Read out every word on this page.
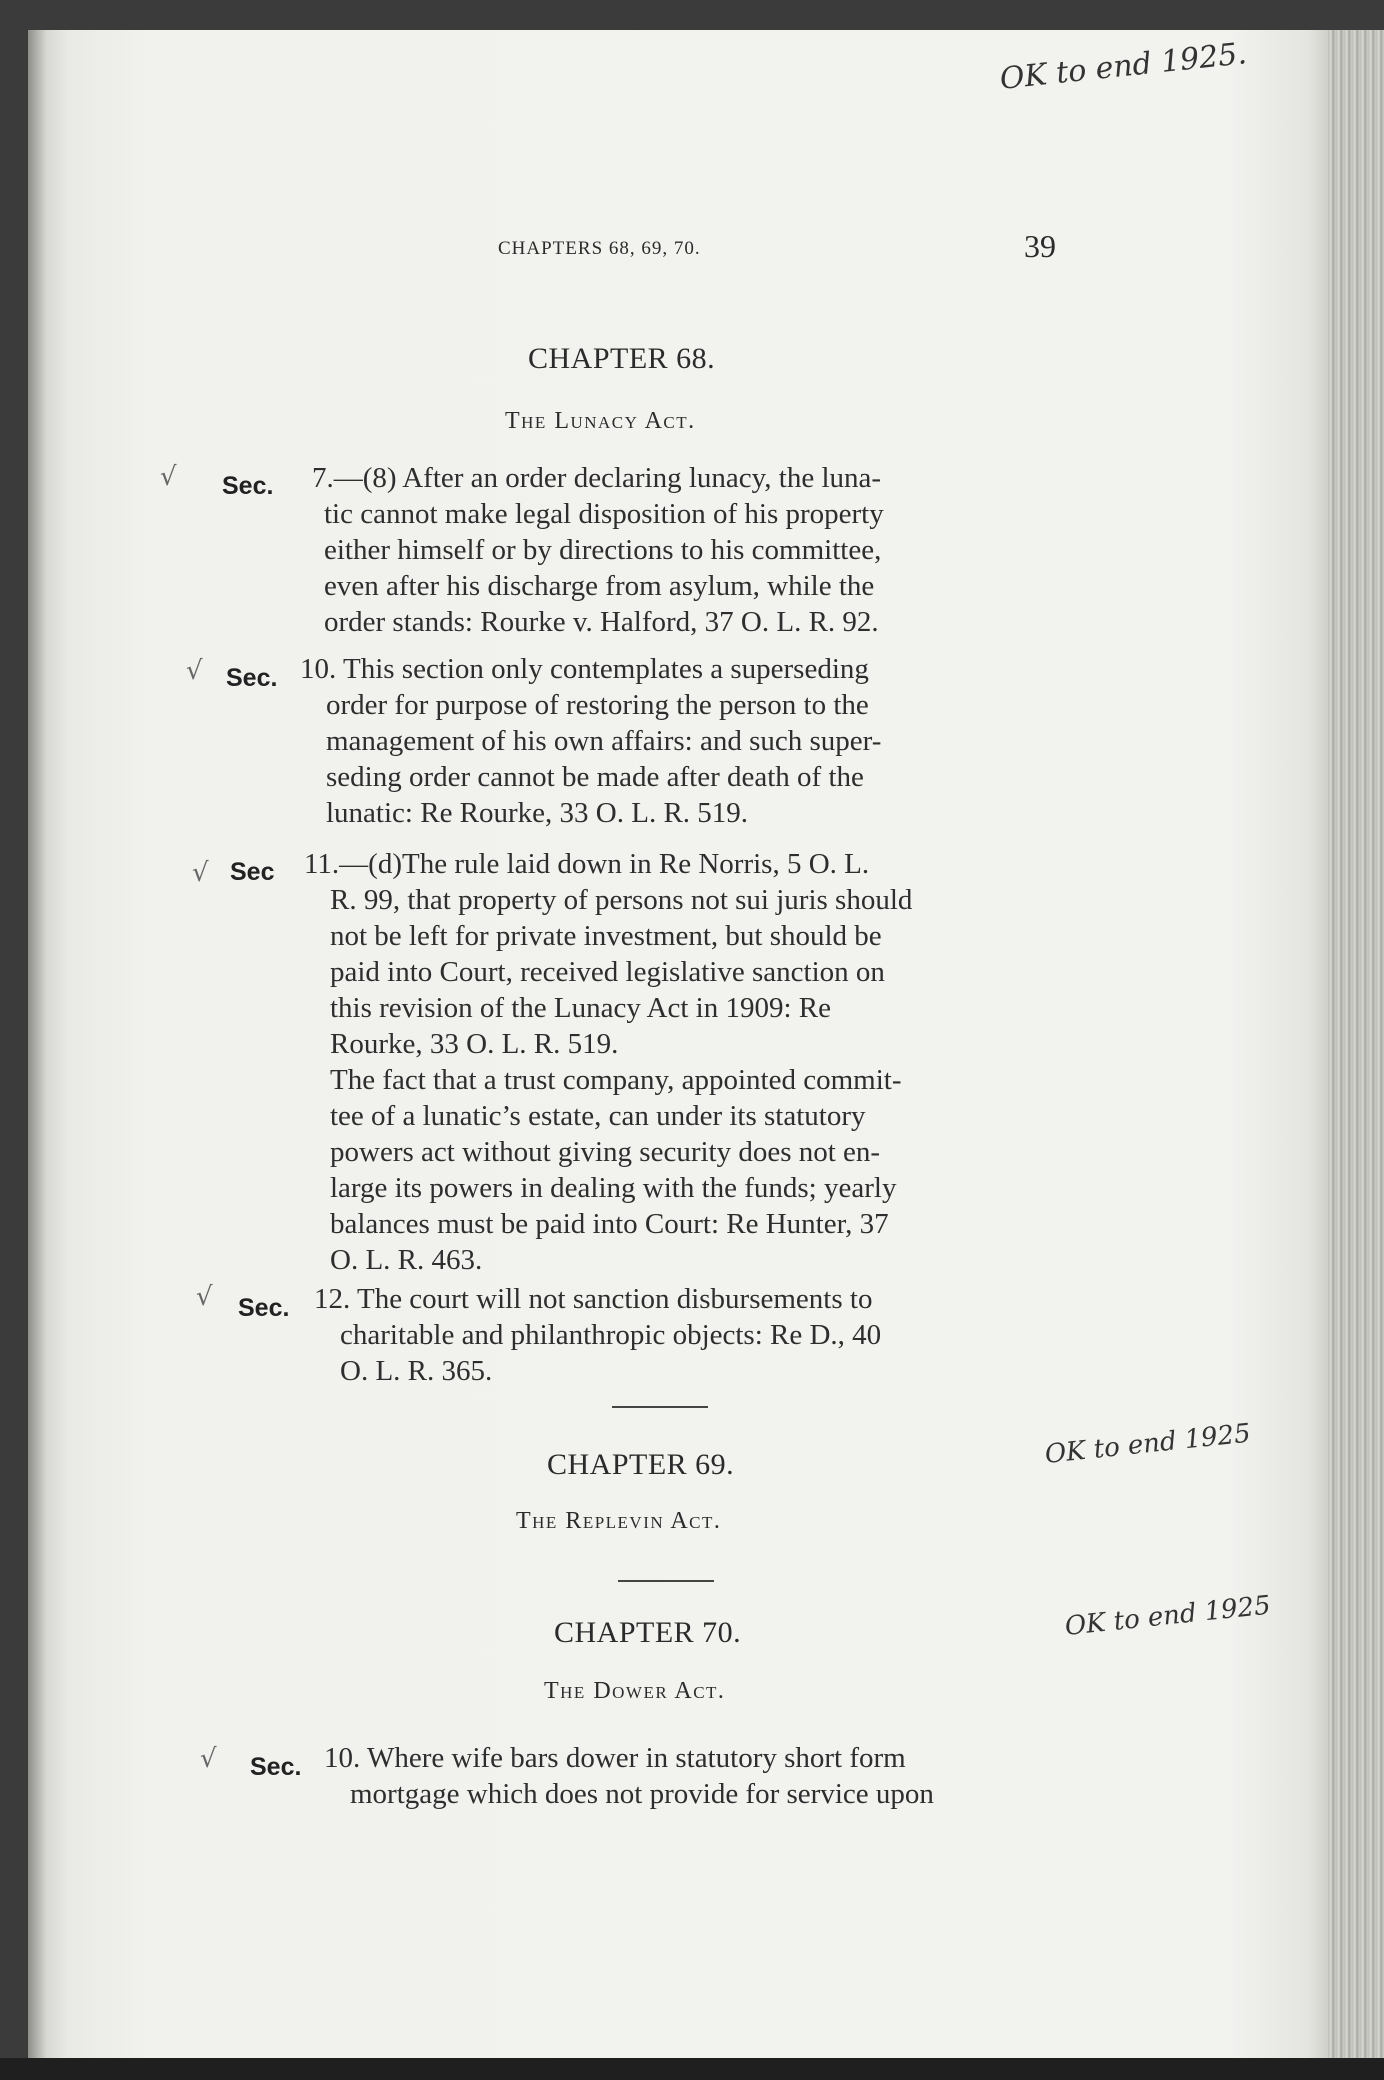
CHAPTERS 68, 69, 70.	39
OK to end 1925.
CHAPTER 68.
The Lunacy Act.
√ Sec. 7.—(8) After an order declaring lunacy, the luna-
tic cannot make legal disposition of his property
either himself or by directions to his committee,
even after his discharge from asylum, while the
order stands: Rourke v. Halford, 37 O. L. R. 92.
√ Sec. 10. This section only contemplates a superseding
order for purpose of restoring the person to the
management of his own affairs: and such super-
seding order cannot be made after death of the
lunatic: Re Rourke, 33 O. L. R. 519.
√ Sec 11.—(d)The rule laid down in Re Norris, 5 O. L.
R. 99, that property of persons not sui juris should
not be left for private investment, but should be
paid into Court, received legislative sanction on
this revision of the Lunacy Act in 1909: Re
Rourke, 33 O. L. R. 519.
The fact that a trust company, appointed commit-
tee of a lunatic’s estate, can under its statutory
powers act without giving security does not en-
large its powers in dealing with the funds; yearly
balances must be paid into Court: Re Hunter, 37
O. L. R. 463.
√ Sec. 12. The court will not sanction disbursements to
charitable and philanthropic objects: Re D., 40
O. L. R. 365.
CHAPTER 69.
The Replevin Act.
OK to end 1925
CHAPTER 70.
The Dower Act.
OK to end 1925
√ Sec. 10. Where wife bars dower in statutory short form
mortgage which does not provide for service upon
